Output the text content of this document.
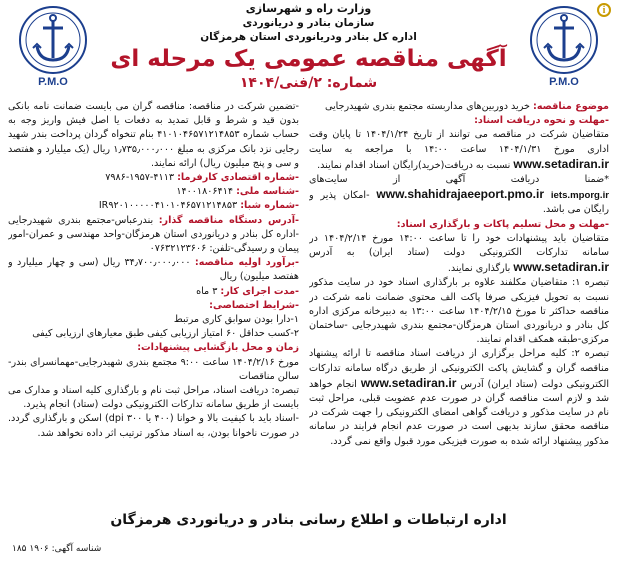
P.M.O
وزارت راه و شهرسازی
سازمان بنادر و دریانوردی
اداره کل بنادر ودریانوردی استان هرمزگان
آگهی مناقصه عمومی یک مرحله ای
شماره: ۲/فنی/۱۴۰۴	P.M.O
i

موضوع مناقصه: خرید دوربین‌های مداربسته مجتمع بندری شهیدرجایی

-مهلت و نحوه دریافت اسناد:

متقاضیان شرکت در مناقصه می توانند از تاریخ ۱۴۰۴/۱/۲۴ تا پایان وقت اداری مورخ ۱۴۰۴/۱/۳۱ ساعت ۱۴:۰۰ با مراجعه به سایت www.setadiran.ir نسبت به دریافت(خرید)رایگان اسناد اقدام نمایند.

*ضمنا دریافت آگهی از سایت‌های www.shahidrajaeeport.pmo.ir iets.mporg.ir -امکان پذیر و رایگان می باشد.

-مهلت و محل تسلیم پاکات و بارگذاری اسناد:

متقاضیان باید پیشنهادات خود را تا ساعت ۱۴:۰۰ مورخ ۱۴۰۴/۲/۱۴ در سامانه تدارکات الکترونیکی دولت (ستاد ایران) به آدرس www.setadiran.ir بارگذاری نمایند.

تبصره ۱: متقاضیان مکلفند علاوه بر بارگذاری اسناد خود در سایت مذکور نسبت به تحویل فیزیکی صرفا پاکت الف محتوی ضمانت نامه شرکت در مناقصه حداکثر تا مورخ ۱۴۰۴/۲/۱۵ ساعت ۱۳:۰۰ به دبیرخانه مرکزی اداره کل بنادر و دریانوردی استان هرمزگان-مجتمع بندری شهیدرجایی -ساختمان مرکزی-طبقه همکف اقدام نمایند.

تبصره ۲: کلیه مراحل برگزاری از دریافت اسناد مناقصه تا ارائه پیشنهاد مناقصه گران و گشایش پاکت الکترونیکی از طریق درگاه سامانه تدارکات الکترونیکی دولت (ستاد ایران) آدرس www.setadiran.ir انجام خواهد شد و لازم است مناقصه گران در صورت عدم عضویت قبلی، مراحل ثبت نام در سایت مذکور و دریافت گواهی امضای الکترونیکی را جهت شرکت در مناقصه محقق سازند بدیهی است در صورت عدم انجام فرایند در سامانه مذکور پیشنهاد ارائه شده به صورت فیزیکی مورد قبول واقع نمی گردد.

-تضمین شرکت در مناقصه: مناقصه گران می بایست ضمانت نامه بانکی بدون قید و شرط و قابل تمدید به دفعات یا اصل فیش واریز وجه به حساب شماره ۴۱۰۱۰۴۶۵۷۱۲۱۴۸۵۳ بنام تنخواه گردان پرداخت بندر شهید رجایی نزد بانک مرکزی به مبلغ ۱٫۷۳۵٫۰۰۰٫۰۰۰ ریال (یک میلیارد و هفتصد و سی و پنج میلیون ریال) ارائه نمایند.

-شماره اقتصادی کارفرما: ۴۱۱۳-۱۹۵۷-۷۹۸۶

-شناسه ملی: ۱۴۰۰۱۸۰۶۴۱۴

-شماره شبا: IR۹۲۰۱۰۰۰۰۰۴۱۰۱۰۴۶۵۷۱۲۱۴۸۵۳

-آدرس دستگاه مناقصه گذار: بندرعباس-مجتمع بندری شهیدرجایی -اداره کل بنادر و دریانوردی استان هرمزگان-واحد مهندسی و عمران-امور پیمان و رسیدگی-تلفن: ۰۷۶۳۲۱۲۳۶۰۶

-برآورد اولیه مناقصه: ۳۴٫۷۰۰٫۰۰۰٫۰۰۰ ریال (سی و چهار میلیارد و هفتصد میلیون) ریال

-مدت اجرای کار: ۳ ماه

-شرایط اختصاصی:

۱-دارا بودن سوابق کاری مرتبط

۲-کسب حداقل ۶۰ امتیاز ارزیابی کیفی طبق معیارهای ارزیابی کیفی

زمان و محل بازگشایی پیشنهادات:

مورخ ۱۴۰۴/۲/۱۶ ساعت ۹:۰۰ مجتمع بندری شهیدرجایی-مهمانسرای بندر-سالن مناقصات

تبصره: دریافت اسناد، مراحل ثبت نام و بارگذاری کلیه اسناد و مدارک می بایست از طریق سامانه تدارکات الکترونیکی دولت (ستاد) انجام پذیرد.

-اسناد باید با کیفیت بالا و خوانا (۴۰۰ یا ۳۰۰ dpi) اسکن و بارگذاری گردد. در صورت ناخوانا بودن، به اسناد مذکور ترتیب اثر داده نخواهد شد.

اداره ارتباطات و اطلاع رسانی بنادر و دریانوردی هرمزگان
شناسه آگهی: ۱۹۰۶ ۱۸۵
